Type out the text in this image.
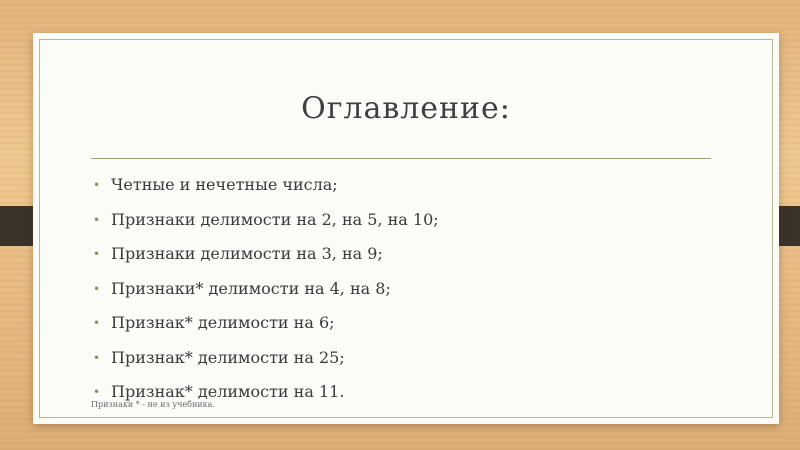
Оглавление:
• Четные и нечетные числа;
• Признаки делимости на 2, на 5, на 10;
• Признаки делимости на 3, на 9;
• Признаки* делимости на 4, на 8;
• Признак* делимости на 6;
• Признак* делимости на 25;
• Признак* делимости на 11.

Признаки * - не из учебника.
